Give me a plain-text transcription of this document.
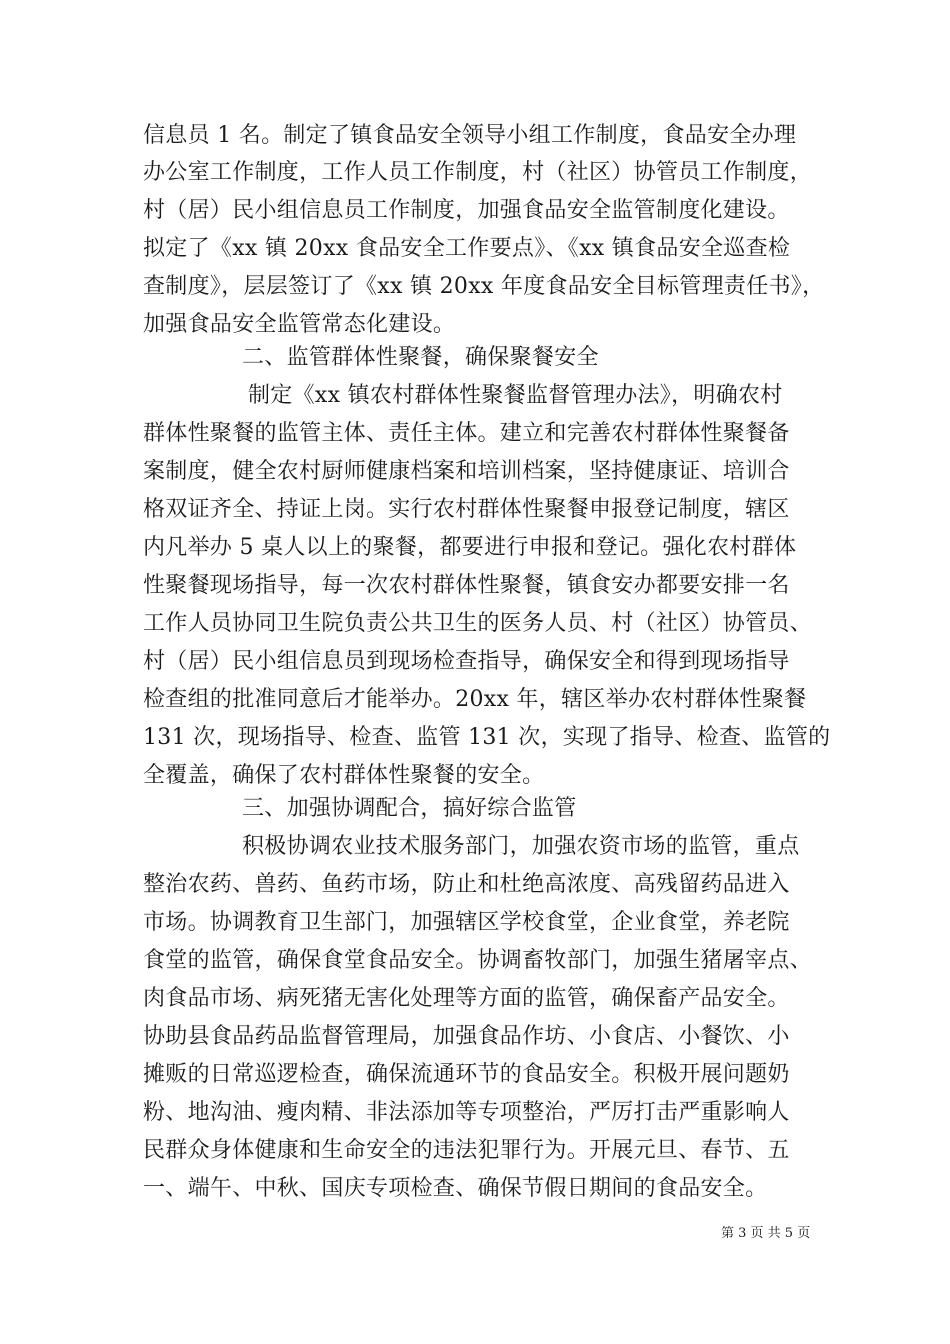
信息员 1 名。制定了镇食品安全领导小组工作制度，食品安全办理
办公室工作制度，工作人员工作制度，村（社区）协管员工作制度，
村（居）民小组信息员工作制度，加强食品安全监管制度化建设。
拟定了《xx 镇 20xx 食品安全工作要点》、《xx 镇食品安全巡查检
查制度》，层层签订了《xx 镇 20xx 年度食品安全目标管理责任书》，
加强食品安全监管常态化建设。
二、监管群体性聚餐，确保聚餐安全
制定《xx 镇农村群体性聚餐监督管理办法》，明确农村
群体性聚餐的监管主体、责任主体。建立和完善农村群体性聚餐备
案制度，健全农村厨师健康档案和培训档案，坚持健康证、培训合
格双证齐全、持证上岗。实行农村群体性聚餐申报登记制度，辖区
内凡举办 5 桌人以上的聚餐，都要进行申报和登记。强化农村群体
性聚餐现场指导，每一次农村群体性聚餐，镇食安办都要安排一名
工作人员协同卫生院负责公共卫生的医务人员、村（社区）协管员、
村（居）民小组信息员到现场检查指导，确保安全和得到现场指导
检查组的批准同意后才能举办。20xx 年，辖区举办农村群体性聚餐
131 次，现场指导、检查、监管 131 次，实现了指导、检查、监管的
全覆盖，确保了农村群体性聚餐的安全。
三、加强协调配合，搞好综合监管
积极协调农业技术服务部门，加强农资市场的监管，重点
整治农药、兽药、鱼药市场，防止和杜绝高浓度、高残留药品进入
市场。协调教育卫生部门，加强辖区学校食堂，企业食堂，养老院
食堂的监管，确保食堂食品安全。协调畜牧部门，加强生猪屠宰点、
肉食品市场、病死猪无害化处理等方面的监管，确保畜产品安全。
协助县食品药品监督管理局，加强食品作坊、小食店、小餐饮、小
摊贩的日常巡逻检查，确保流通环节的食品安全。积极开展问题奶
粉、地沟油、瘦肉精、非法添加等专项整治，严厉打击严重影响人
民群众身体健康和生命安全的违法犯罪行为。开展元旦、春节、五
一、端午、中秋、国庆专项检查、确保节假日期间的食品安全。
第 3 页 共 5 页
